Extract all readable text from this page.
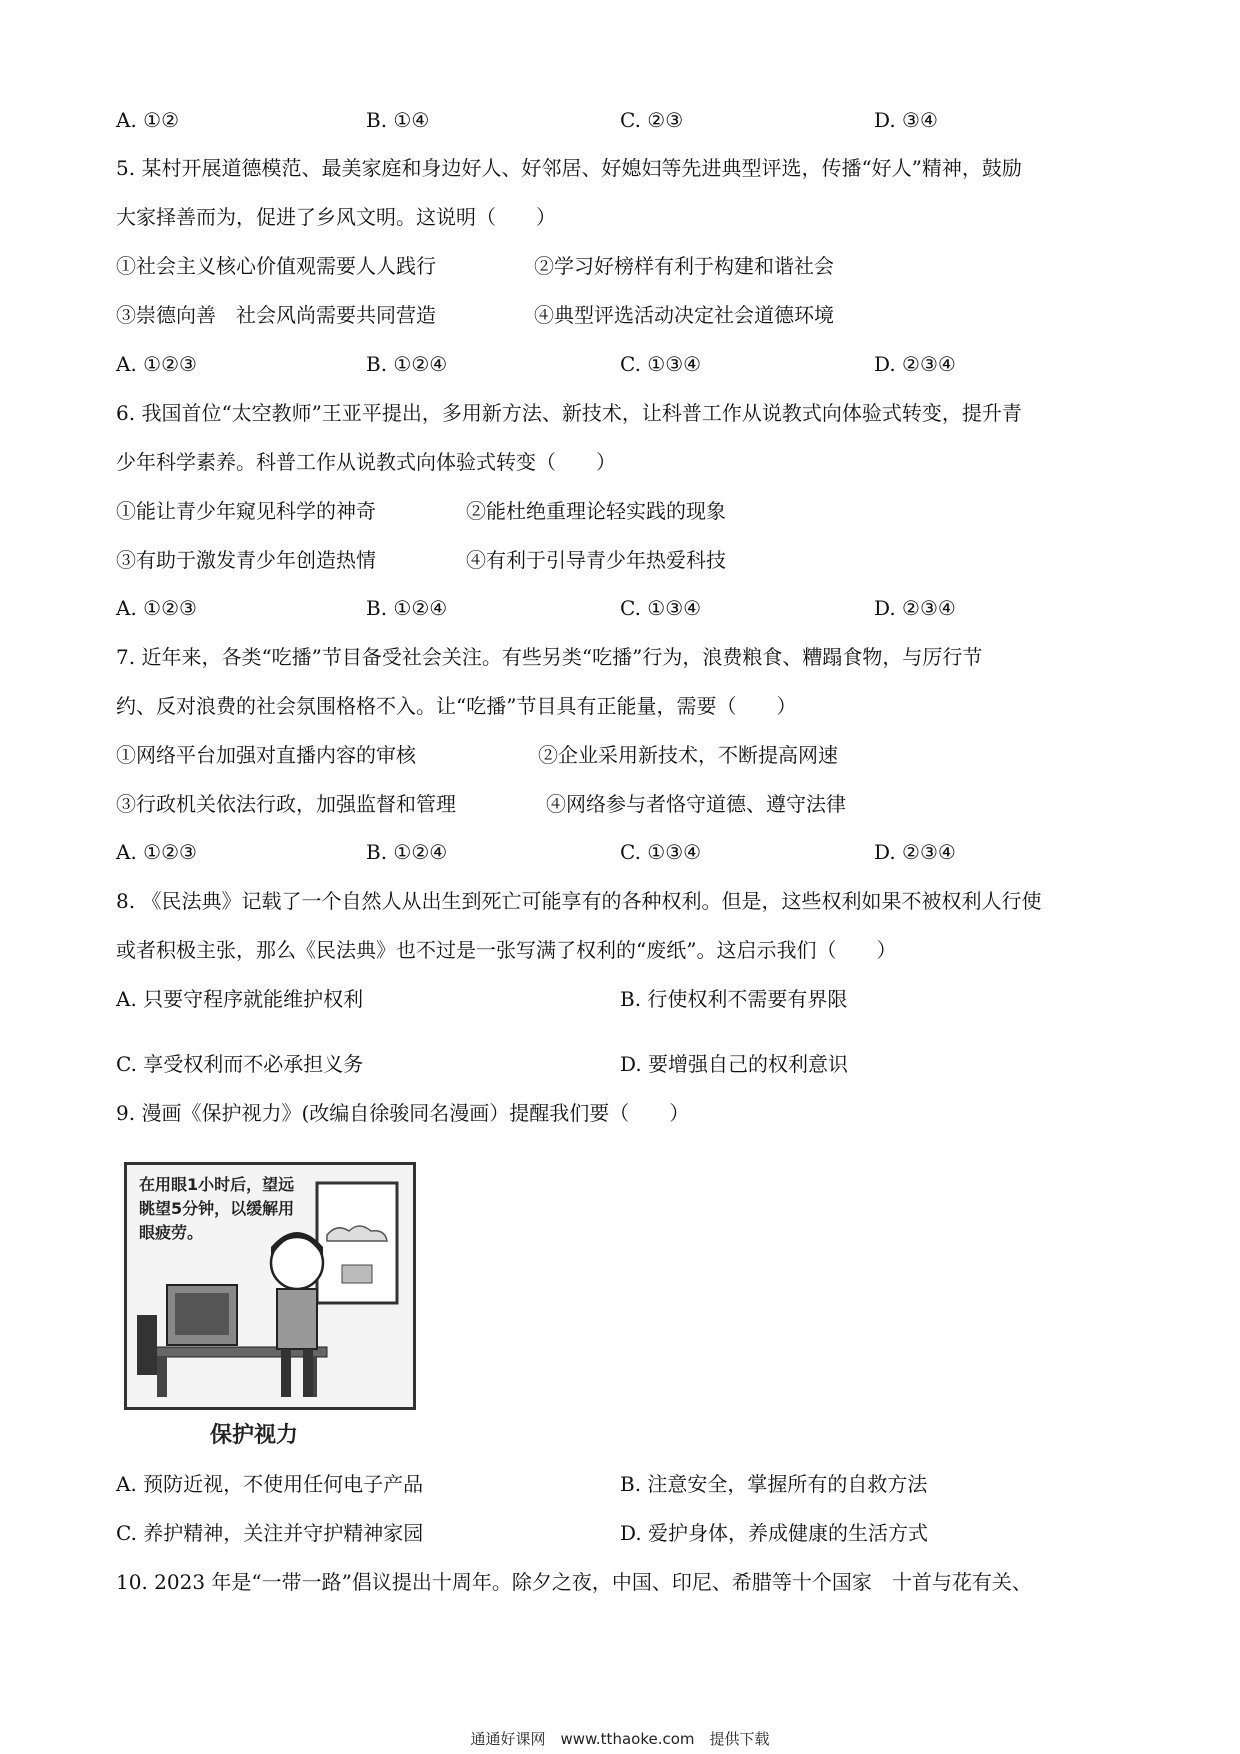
A. ①②	B. ①④	C. ②③	D. ③④
5. 某村开展道德模范、最美家庭和身边好人、好邻居、好媳妇等先进典型评选，传播“好人”精神，鼓励
大家择善而为，促进了乡风文明。这说明（　　）
①社会主义核心价值观需要人人践行	②学习好榜样有利于构建和谐社会
③崇德向善　社会风尚需要共同营造	④典型评选活动决定社会道德环境
A. ①②③	B. ①②④	C. ①③④	D. ②③④
6. 我国首位“太空教师”王亚平提出，多用新方法、新技术，让科普工作从说教式向体验式转变，提升青
少年科学素养。科普工作从说教式向体验式转变（　　）
①能让青少年窥见科学的神奇	②能杜绝重理论轻实践的现象
③有助于激发青少年创造热情	④有利于引导青少年热爱科技
A. ①②③	B. ①②④	C. ①③④	D. ②③④
7. 近年来，各类“吃播”节目备受社会关注。有些另类“吃播”行为，浪费粮食、糟蹋食物，与厉行节
约、反对浪费的社会氛围格格不入。让“吃播”节目具有正能量，需要（　　）
①网络平台加强对直播内容的审核	②企业采用新技术，不断提高网速
③行政机关依法行政，加强监督和管理	④网络参与者恪守道德、遵守法律
A. ①②③	B. ①②④	C. ①③④	D. ②③④
8. 《民法典》记载了一个自然人从出生到死亡可能享有的各种权利。但是，这些权利如果不被权利人行使
或者积极主张，那么《民法典》也不过是一张写满了权利的“废纸”。这启示我们（　　）
A. 只要守程序就能维护权利	B. 行使权利不需要有界限
C. 享受权利而不必承担义务	D. 要增强自己的权利意识
9. 漫画《保护视力》(改编自徐骏同名漫画）提醒我们要（　　）
在用眼1小时后，望远眺望5分钟，以缓解用眼疲劳。
保护视力
A. 预防近视，不使用任何电子产品	B. 注意安全，掌握所有的自救方法
C. 养护精神，关注并守护精神家园	D. 爱护身体，养成健康的生活方式
10. 2023 年是“一带一路”倡议提出十周年。除夕之夜，中国、印尼、希腊等十个国家　十首与花有关、
通通好课网　www.tthaoke.com　提供下载
